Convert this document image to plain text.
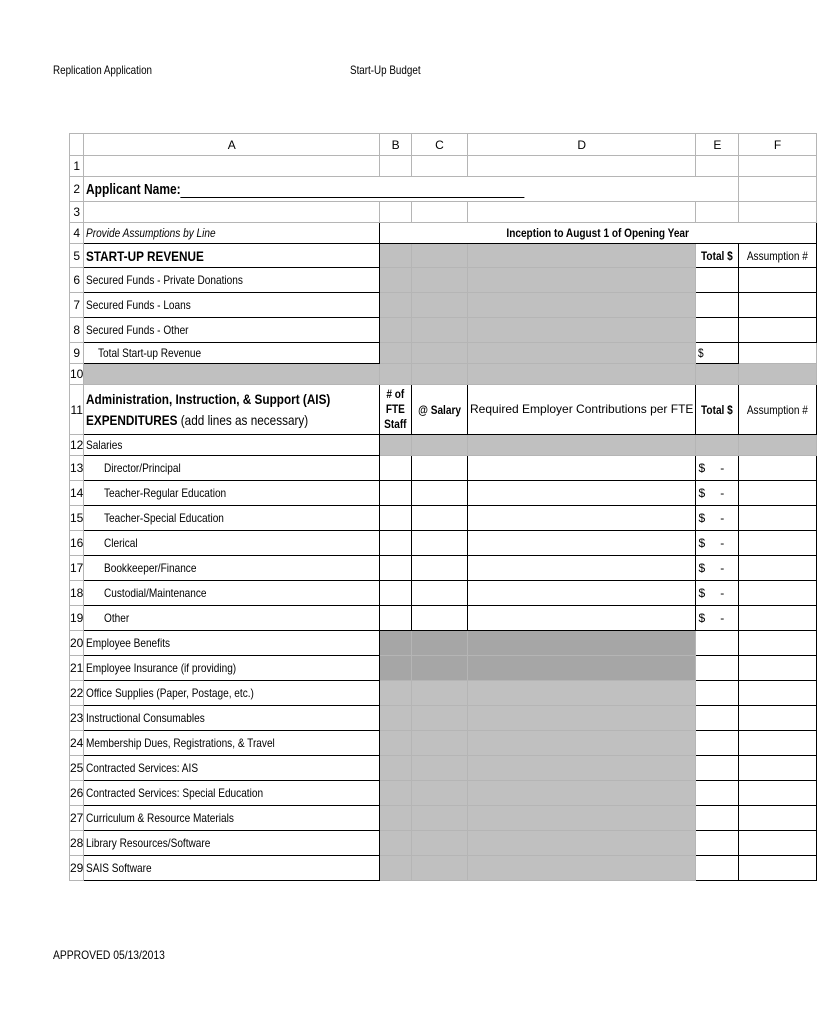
Replication Application	Start-Up Budget
	A	B	C	D	E	F
1						
2	Applicant Name:					
3						
4	Provide Assumptions by Line	Inception to August 1 of Opening Year				
5	START-UP REVENUE				Total $	Assumption #
6	Secured Funds - Private Donations					
7	Secured Funds - Loans					
8	Secured Funds - Other					
9	Total Start-up Revenue				$	
10						
11	Administration, Instruction, & Support (AIS)
EXPENDITURES (add lines as necessary)	# of FTE Staff	@ Salary	Required Employer Contributions per FTE	Total $	Assumption #
12	Salaries					
13	Director/Principal				$ -	

14	Teacher-Regular Education				$ -	

15	Teacher-Special Education				$ -	

16	Clerical				$ -	

17	Bookkeeper/Finance				$ -	

18	Custodial/Maintenance				$ -	

19	Other				$ -	

20	Employee Benefits					
21	Employee Insurance (if providing)					
22	Office Supplies (Paper, Postage, etc.)					
23	Instructional Consumables					
24	Membership Dues, Registrations, & Travel					
25	Contracted Services: AIS					
26	Contracted Services: Special Education					
27	Curriculum & Resource Materials					
28	Library Resources/Software					
29	SAIS Software					
APPROVED 05/13/2013
